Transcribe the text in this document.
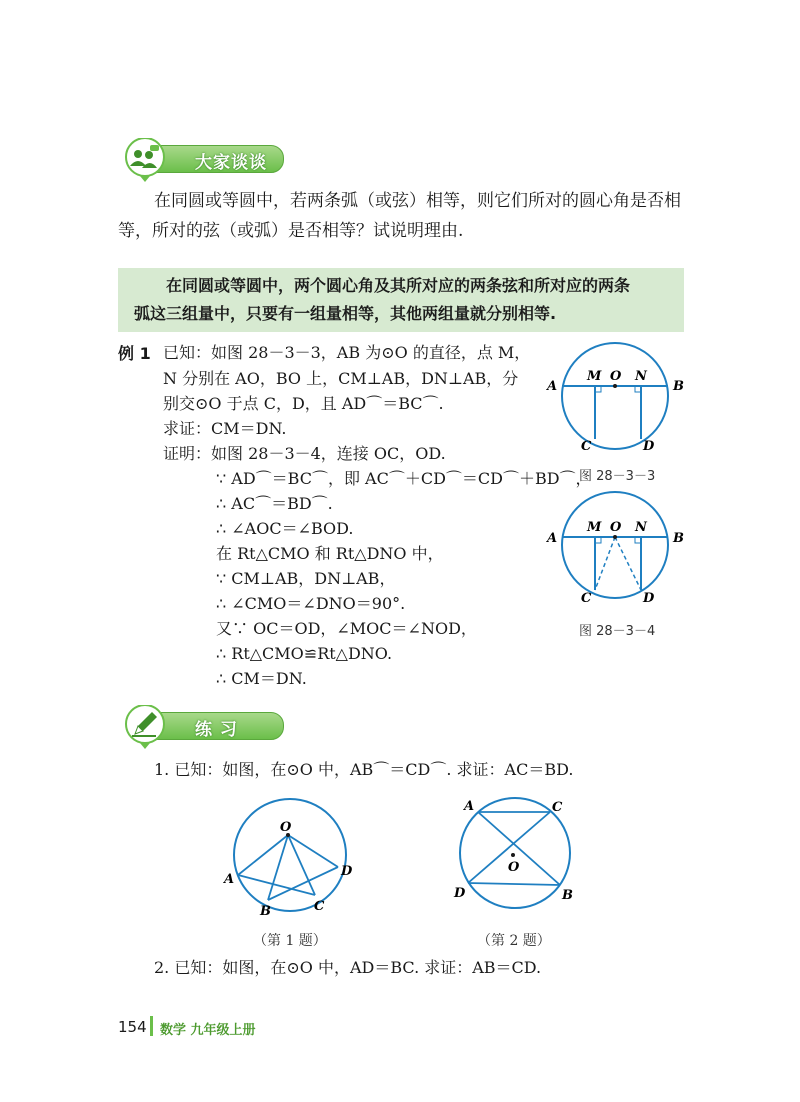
大家谈谈
在同圆或等圆中，若两条弧（或弦）相等，则它们所对的圆心角是否相
等，所对的弦（或弧）是否相等？试说明理由.
在同圆或等圆中，两个圆心角及其所对应的两条弦和所对应的两条
弧这三组量中，只要有一组量相等，其他两组量就分别相等.
例 1 已知：如图 28－3－3，AB 为⊙O 的直径，点 M，
N 分别在 AO，BO 上，CM⊥AB，DN⊥AB，分
别交⊙O 于点 C，D，且 AD⌒＝BC⌒.
求证：CM＝DN.
证明：如图 28－3－4，连接 OC，OD.
∵ AD⌒＝BC⌒，即 AC⌒＋CD⌒＝CD⌒＋BD⌒，
∴ AC⌒＝BD⌒.
∴ ∠AOC＝∠BOD.
在 Rt△CMO 和 Rt△DNO 中，
∵ CM⊥AB，DN⊥AB，
∴ ∠CMO＝∠DNO＝90°.
又∵ OC＝OD，∠MOC＝∠NOD，
∴ Rt△CMO≌Rt△DNO.
∴ CM＝DN.
A
M O N
B
C	D
图 28－3－3
A
M O N
B
C	D
图 28－3－4
练 习
1. 已知：如图，在⊙O 中，AB⌒＝CD⌒. 求证：AC＝BD.
O
A
B	C
D
（第 1 题）
A	C
O
D	B
（第 2 题）
2. 已知：如图，在⊙O 中，AD＝BC. 求证：AB＝CD.
154 数学 九年级上册
